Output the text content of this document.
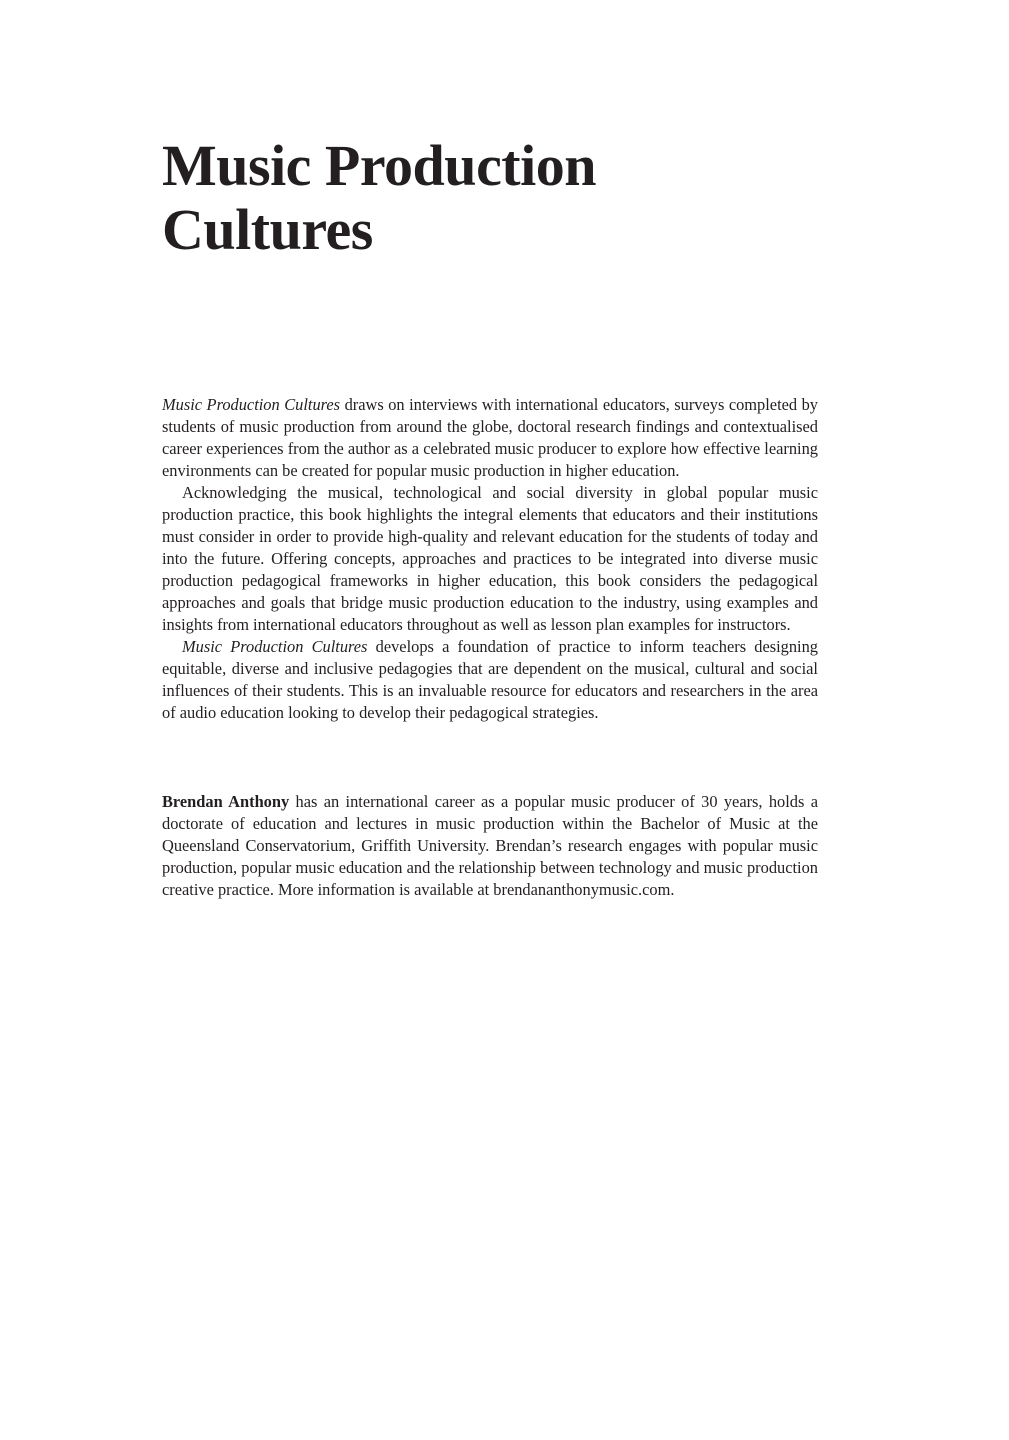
Music Production
Cultures

Music Production Cultures draws on interviews with international educators, surveys completed by students of music production from around the globe, doctoral research findings and contextualised career experiences from the author as a celebrated music producer to explore how effective learning environments can be created for popular music production in higher education.

Acknowledging the musical, technological and social diversity in global popular music production practice, this book highlights the integral elements that educators and their institutions must consider in order to provide high-quality and relevant education for the students of today and into the future. Offering concepts, approaches and practices to be integrated into diverse music production pedagogical frameworks in higher education, this book considers the pedagogical approaches and goals that bridge music production education to the industry, using examples and insights from international educators throughout as well as lesson plan examples for instructors.

Music Production Cultures develops a foundation of practice to inform teachers designing equitable, diverse and inclusive pedagogies that are dependent on the musical, cultural and social influences of their students. This is an invaluable resource for educators and researchers in the area of audio education looking to develop their pedagogical strategies.

Brendan Anthony has an international career as a popular music producer of 30 years, holds a doctorate of education and lectures in music production within the Bachelor of Music at the Queensland Conservatorium, Griffith University. Brendan’s research engages with popular music production, popular music education and the relationship between technology and music production creative practice. More information is available at brendananthonymusic.com.
